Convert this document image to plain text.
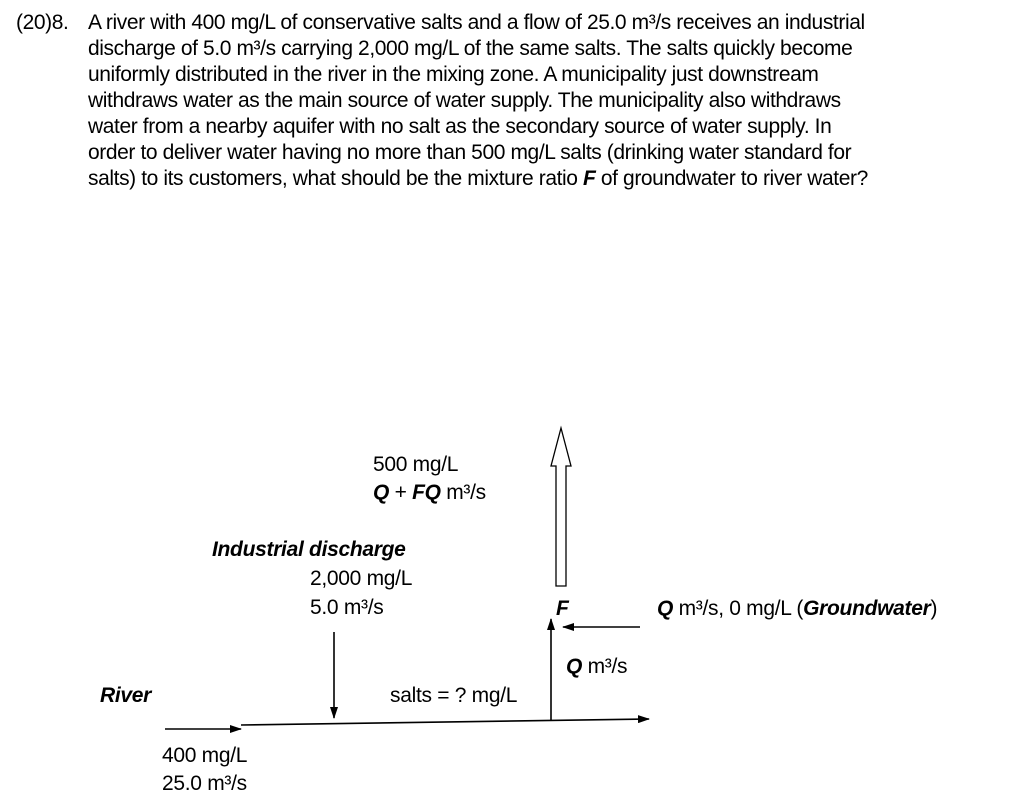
(20)8. A river with 400 mg/L of conservative salts and a flow of 25.0 m³/s receives an industrial
discharge of 5.0 m³/s carrying 2,000 mg/L of the same salts. The salts quickly become
uniformly distributed in the river in the mixing zone. A municipality just downstream
withdraws water as the main source of water supply. The municipality also withdraws
water from a nearby aquifer with no salt as the secondary source of water supply. In
order to deliver water having no more than 500 mg/L salts (drinking water standard for
salts) to its customers, what should be the mixture ratio F of groundwater to river water?
500 mg/L
Q + FQ m³/s
Industrial discharge
2,000 mg/L
5.0 m³/s	F	Q m³/s, 0 mg/L (Groundwater)
Q m³/s
River	salts = ? mg/L
400 mg/L
25.0 m³/s
